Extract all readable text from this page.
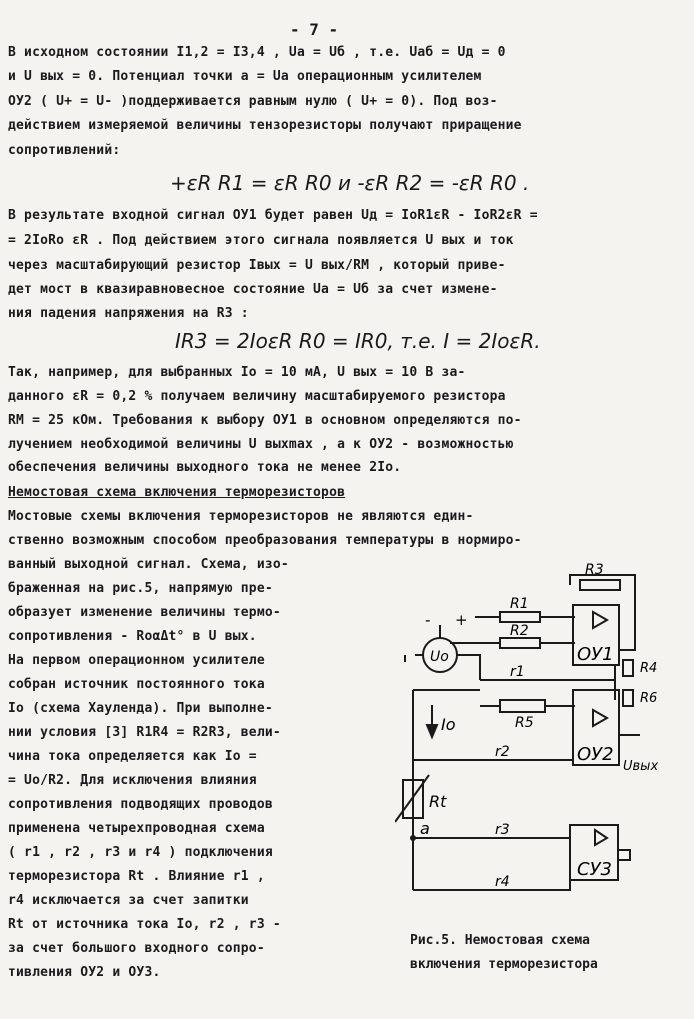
- 7 -
В исходном состоянии I1,2 = I3,4 , Uа = Uб , т.е. Uаб = Uд = 0
и U вых = 0. Потенциал точки a = Ua операционным усилителем
ОУ2 ( U+ = U- )поддерживается равным нулю ( U+ = 0). Под воз-
действием измеряемой величины тензорезисторы получают приращение
сопротивлений:
+εR R1 = εR R0 и -εR R2 = -εR R0 .
В результате входной сигнал ОУ1 будет равен Uд = IoR1εR - IoR2εR =
= 2IoRo εR . Под действием этого сигнала появляется U вых и ток
через масштабирующий резистор Iвых = U вых/RM , который приве-
дет мост в квазиравновесное состояние Uа = Uб за счет измене-
ния падения напряжения на R3 :
IR3 = 2IoεR R0 = IR0, т.е. I = 2IoεR.
Так, например, для выбранных Io = 10 мА, U вых = 10 В за-
данного εR = 0,2 % получаем величину масштабируемого резистора
RM = 25 кОм. Требования к выбору ОУ1 в основном определяются по-
лучением необходимой величины U выхmax , а к ОУ2 - возможностью
обеспечения величины выходного тока не менее 2Io.
Немостовая схема включения терморезисторов
Мостовые схемы включения терморезисторов не являются един-
ственно возможным способом преобразования температуры в нормиро-
ванный выходной сигнал. Схема, изо-
браженная на рис.5, напрямую пре-
образует изменение величины термо-
сопротивления - RoαΔt° в U вых.
На первом операционном усилителе
собран источник постоянного тока
Io (схема Хауленда). При выполне-
нии условия [3] R1R4 = R2R3, вели-
чина тока определяется как Io =
= Uo/R2. Для исключения влияния
сопротивления подводящих проводов
применена четырехпроводная схема
( r1 , r2 , r3 и r4 ) подключения
терморезистора Rt . Влияние r1 ,
r4 исключается за счет запитки
Rt от источника тока Io, r2 , r3 -
за счет большого входного сопро-
тивления ОУ2 и ОУ3.
R3
R1
R2
ОУ1
R4
r1
R6
R5
ОУ2
Uo
Io
r2
Rt
a	r3
СУ3
r4
Uвых
+
-
Рис.5. Немостовая схема
включения терморезистора
